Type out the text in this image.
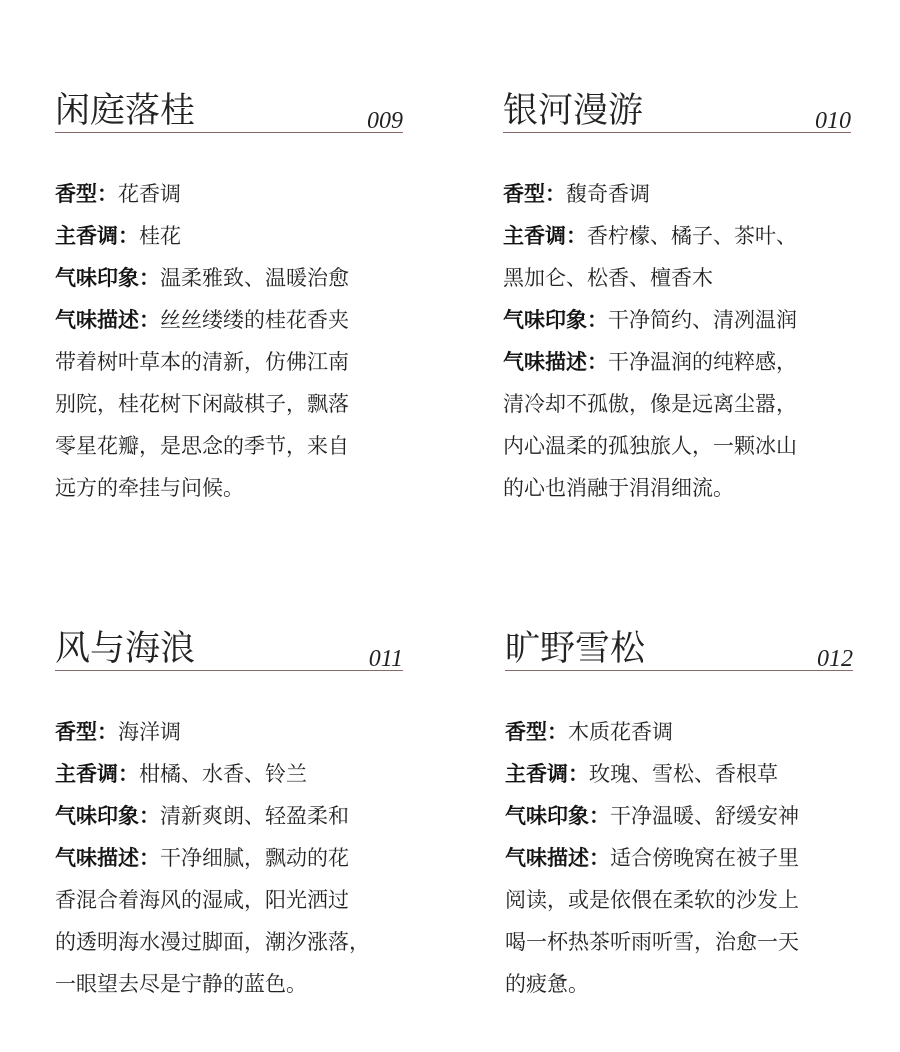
闲庭落桂	009
香型：花香调
主香调：桂花
气味印象：温柔雅致、温暖治愈
气味描述：丝丝缕缕的桂花香夹
带着树叶草本的清新，仿佛江南
别院，桂花树下闲敲棋子，飘落
零星花瓣，是思念的季节，来自
远方的牵挂与问候。
银河漫游	010
香型：馥奇香调
主香调：香柠檬、橘子、茶叶、
黑加仑、松香、檀香木
气味印象：干净简约、清冽温润
气味描述：干净温润的纯粹感，
清冷却不孤傲，像是远离尘嚣，
内心温柔的孤独旅人，一颗冰山
的心也消融于涓涓细流。
风与海浪	011
香型：海洋调
主香调：柑橘、水香、铃兰
气味印象：清新爽朗、轻盈柔和
气味描述：干净细腻，飘动的花
香混合着海风的湿咸，阳光洒过
的透明海水漫过脚面，潮汐涨落，
一眼望去尽是宁静的蓝色。
旷野雪松	012
香型：木质花香调
主香调：玫瑰、雪松、香根草
气味印象：干净温暖、舒缓安神
气味描述：适合傍晚窝在被子里
阅读，或是依偎在柔软的沙发上
喝一杯热茶听雨听雪，治愈一天
的疲惫。
